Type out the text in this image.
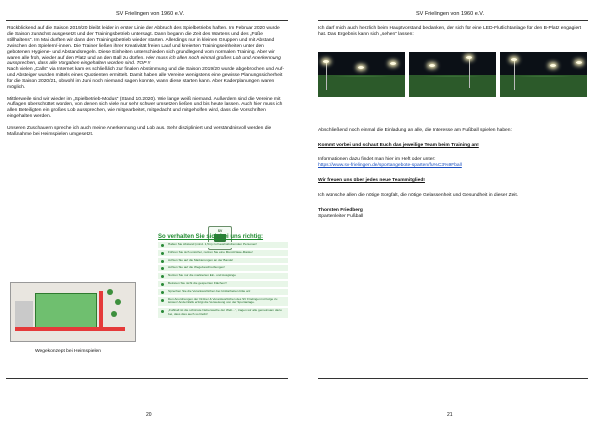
SV Frielingen von 1960 e.V.

Rückblickend auf die Saison 2019/20 bleibt leider in erster Linie der Abbruch des Spielbetriebs haften. Im Februar 2020 wurde die Saison zunächst ausgesetzt und der Trainingsbetrieb untersagt. Dann begann die Zeit des Wartens und des „Füße stillhaltens“. Im Mai durften wir dann den Trainingsbetrieb wieder starten. Allerdings nur in kleinen Gruppen und mit Abstand zwischen den Spielern/-innen. Die Trainer ließen ihrer Kreativität freien Lauf und kreierten Trainingseinheiten unter den gebotenen Hygiene- und Abstandsregeln. Diese Einheiten unterschieden sich grundlegend vom normalen Training. Aber wir waren alle froh, wieder auf den Platz und an den Ball zu dürfen. Hier muss ich allen noch einmal großes Lob und Anerkennung aussprechen, dass alle Vorgaben eingehalten worden sind. TOP !!

Nach vielen „Calls“ via Internet kam es schließlich zur finalen Abstimmung und die Saison 2019/20 wurde abgebrochen und Auf- und Absteiger wurden mittels eines Quotienten ermittelt. Damit haben alle Vereine wenigstens eine gewisse Planungssicherheit für die Saison 2020/21, obwohl im Juni noch niemand sagen konnte, wann diese starten kann. Aber Kaderplanungen waren möglich.

Mittlerweile sind wir wieder im „Spielbetrieb-Modus“ (Stand 10.2020). Wie lange weiß niemand. Außerdem sind die Vereine mit Auflagen überschüttet worden, von denen sich viele nur sehr schwer umsetzen ließen und bis heute lassen. Auch hier muss ich allen Beteiligten ein großes Lob aussprechen, wie mitgearbeitet, mitgedacht und mitgeholfen wird, dass die Vorschriften eingehalten werden.

Unseren Zuschauern spreche ich auch meine Anerkennung und Lob aus. Sehr diszipliniert und verständnisvoll werden die Maßnahme bei Heimspielen umgesetzt.

SV
Wegekonzept bei Heimspielen
So verhalten Sie sich bei uns richtig:
Halten Sie Abstand (mind. 1,5m) zu haushaltsfremden Personen!
Führen Sie sich unsicher, nutzen Sie eine Mund-Nase-Maske!
Achten Sie auf die Markierungen an der Bande!
Achten Sie auf die Wegebeschreibungen!
Nutzen Sie nur die markierten Ein- und Ausgänge
Betreten Sie nicht die gesperrten Flächen!!
Sprechen Sie die Verantwortlichen bei Unklarheiten bitte an!
Den Anordnungen der Ordner & Verantwortlichen des SV Frielingen ist Folge zu leisten! Andernfalls erfolgt die Verweisung von der Sportanlage.
„Fußball ist die schönste Nebensache der Welt…“, tragen wir alle gemeinsam dazu bei, dass dies auch so bleibt!
20
SV Frielingen von 1960 e.V.
Ich darf mich auch herzlich beim Hauptvorstand bedanken, der sich für eine LED-Flutlichtanlage für den B-Platz engagiert hat. Das Ergebnis kann sich „sehen“ lassen:
Abschließend noch einmal die Einladung an alle, die Interesse am Fußball spielen haben:
Kommt vorbei und schaut Euch das jeweilige Team beim Training an!
Informationen dazu findet man hier im Heft oder unter:
https://www.sv-frielingen.de/sportangebote-sparten/fu%C3%9Fball
Wir freuen uns über jedes neue Teammitglied!
Ich wünsche allen die nötige Sorgfalt, die nötige Gelassenheit und Gesundheit in dieser Zeit.
Thorsten Friedberg
Spartenleiter Fußball
21
